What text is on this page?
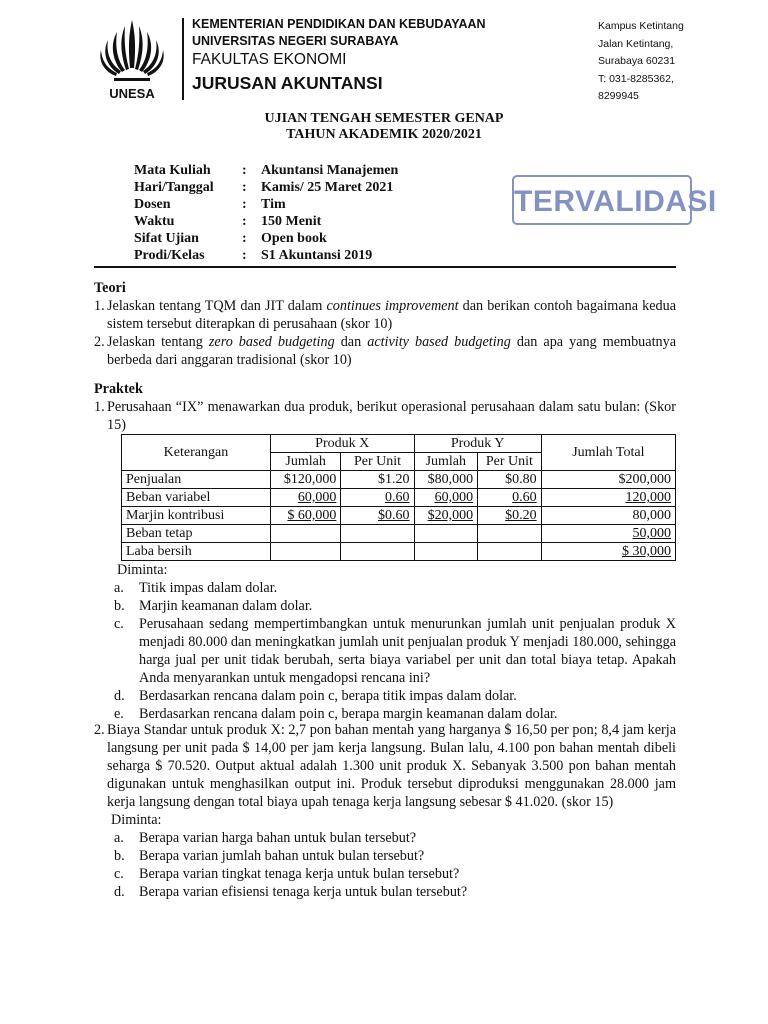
UNESA
KEMENTERIAN PENDIDIKAN DAN KEBUDAYAAN
UNIVERSITAS NEGERI SURABAYA
FAKULTAS EKONOMI
JURUSAN AKUNTANSI
Kampus Ketintang
Jalan Ketintang,
Surabaya 60231
T: 031-8285362,
8299945
UJIAN TENGAH SEMESTER GENAP
TAHUN AKADEMIK 2020/2021
Mata Kuliah	:	Akuntansi Manajemen
Hari/Tanggal	:	Kamis/ 25 Maret 2021
Dosen	:	Tim
Waktu	:	150 Menit
Sifat Ujian	:	Open book
Prodi/Kelas	:	S1 Akuntansi 2019
TERVALIDASI
Teori
1. Jelaskan tentang TQM dan JIT dalam continues improvement dan berikan contoh bagaimana kedua sistem tersebut diterapkan di perusahaan (skor 10)
2. Jelaskan tentang zero based budgeting dan activity based budgeting dan apa yang membuatnya berbeda dari anggaran tradisional (skor 10)
Praktek
1. Perusahaan “IX” menawarkan dua produk, berikut operasional perusahaan dalam satu bulan: (Skor 15)
Keterangan	Produk X		Produk Y		Jumlah Total
	Jumlah	Per Unit	Jumlah	Per Unit	
Penjualan	$120,000	$1.20	$80,000	$0.80	$200,000
Beban variabel	60,000	0.60	60,000	0.60	120,000
Marjin kontribusi	$ 60,000	$0.60	$20,000	$0.20	80,000
Beban tetap					50,000
Laba bersih					$ 30,000
Diminta:
a.	Titik impas dalam dolar.
b.	Marjin keamanan dalam dolar.
c.	Perusahaan sedang mempertimbangkan untuk menurunkan jumlah unit penjualan produk X menjadi 80.000 dan meningkatkan jumlah unit penjualan produk Y menjadi 180.000, sehingga harga jual per unit tidak berubah, serta biaya variabel per unit dan total biaya tetap. Apakah Anda menyarankan untuk mengadopsi rencana ini?
d.	Berdasarkan rencana dalam poin c, berapa titik impas dalam dolar.
e.	Berdasarkan rencana dalam poin c, berapa margin keamanan dalam dolar.
2. Biaya Standar untuk produk X: 2,7 pon bahan mentah yang harganya $ 16,50 per pon; 8,4 jam kerja langsung per unit pada $ 14,00 per jam kerja langsung. Bulan lalu, 4.100 pon bahan mentah dibeli seharga $ 70.520. Output aktual adalah 1.300 unit produk X. Sebanyak 3.500 pon bahan mentah digunakan untuk menghasilkan output ini. Produk tersebut diproduksi menggunakan 28.000 jam kerja langsung dengan total biaya upah tenaga kerja langsung sebesar $ 41.020. (skor 15)
Diminta:
a.	Berapa varian harga bahan untuk bulan tersebut?
b.	Berapa varian jumlah bahan untuk bulan tersebut?
c.	Berapa varian tingkat tenaga kerja untuk bulan tersebut?
d.	Berapa varian efisiensi tenaga kerja untuk bulan tersebut?
